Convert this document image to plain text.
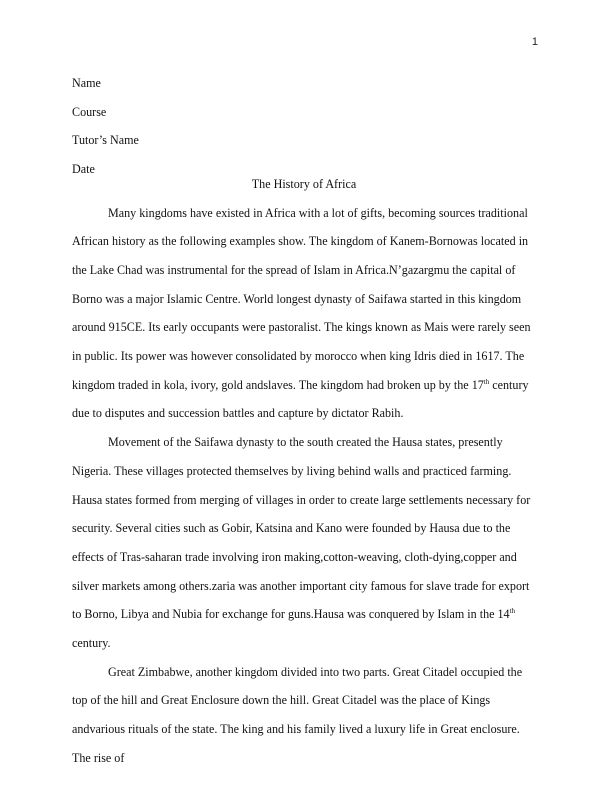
1
Name
Course
Tutor’s Name
Date
The History of Africa

Many kingdoms have existed in Africa with a lot of gifts, becoming sources traditional African history as the following examples show. The kingdom of Kanem-Bornowas located in the Lake Chad was instrumental for the spread of Islam in Africa.N’gazargmu the capital of Borno was a major Islamic Centre. World longest dynasty of Saifawa started in this kingdom around 915CE. Its early occupants were pastoralist. The kings known as Mais were rarely seen in public. Its power was however consolidated by morocco when king Idris died in 1617. The kingdom traded in kola, ivory, gold andslaves. The kingdom had broken up by the 17th century due to disputes and succession battles and capture by dictator Rabih.

Movement of the Saifawa dynasty to the south created the Hausa states, presently Nigeria. These villages protected themselves by living behind walls and practiced farming. Hausa states formed from merging of villages in order to create large settlements necessary for security. Several cities such as Gobir, Katsina and Kano were founded by Hausa due to the effects of Tras-saharan trade involving iron making,cotton-weaving, cloth-dying,copper and silver markets among others.zaria was another important city famous for slave trade for export to Borno, Libya and Nubia for exchange for guns.Hausa was conquered by Islam in the 14th century.

Great Zimbabwe, another kingdom divided into two parts. Great Citadel occupied the top of the hill and Great Enclosure down the hill. Great Citadel was the place of Kings andvarious rituals of the state. The king and his family lived a luxury life in Great enclosure. The rise of
